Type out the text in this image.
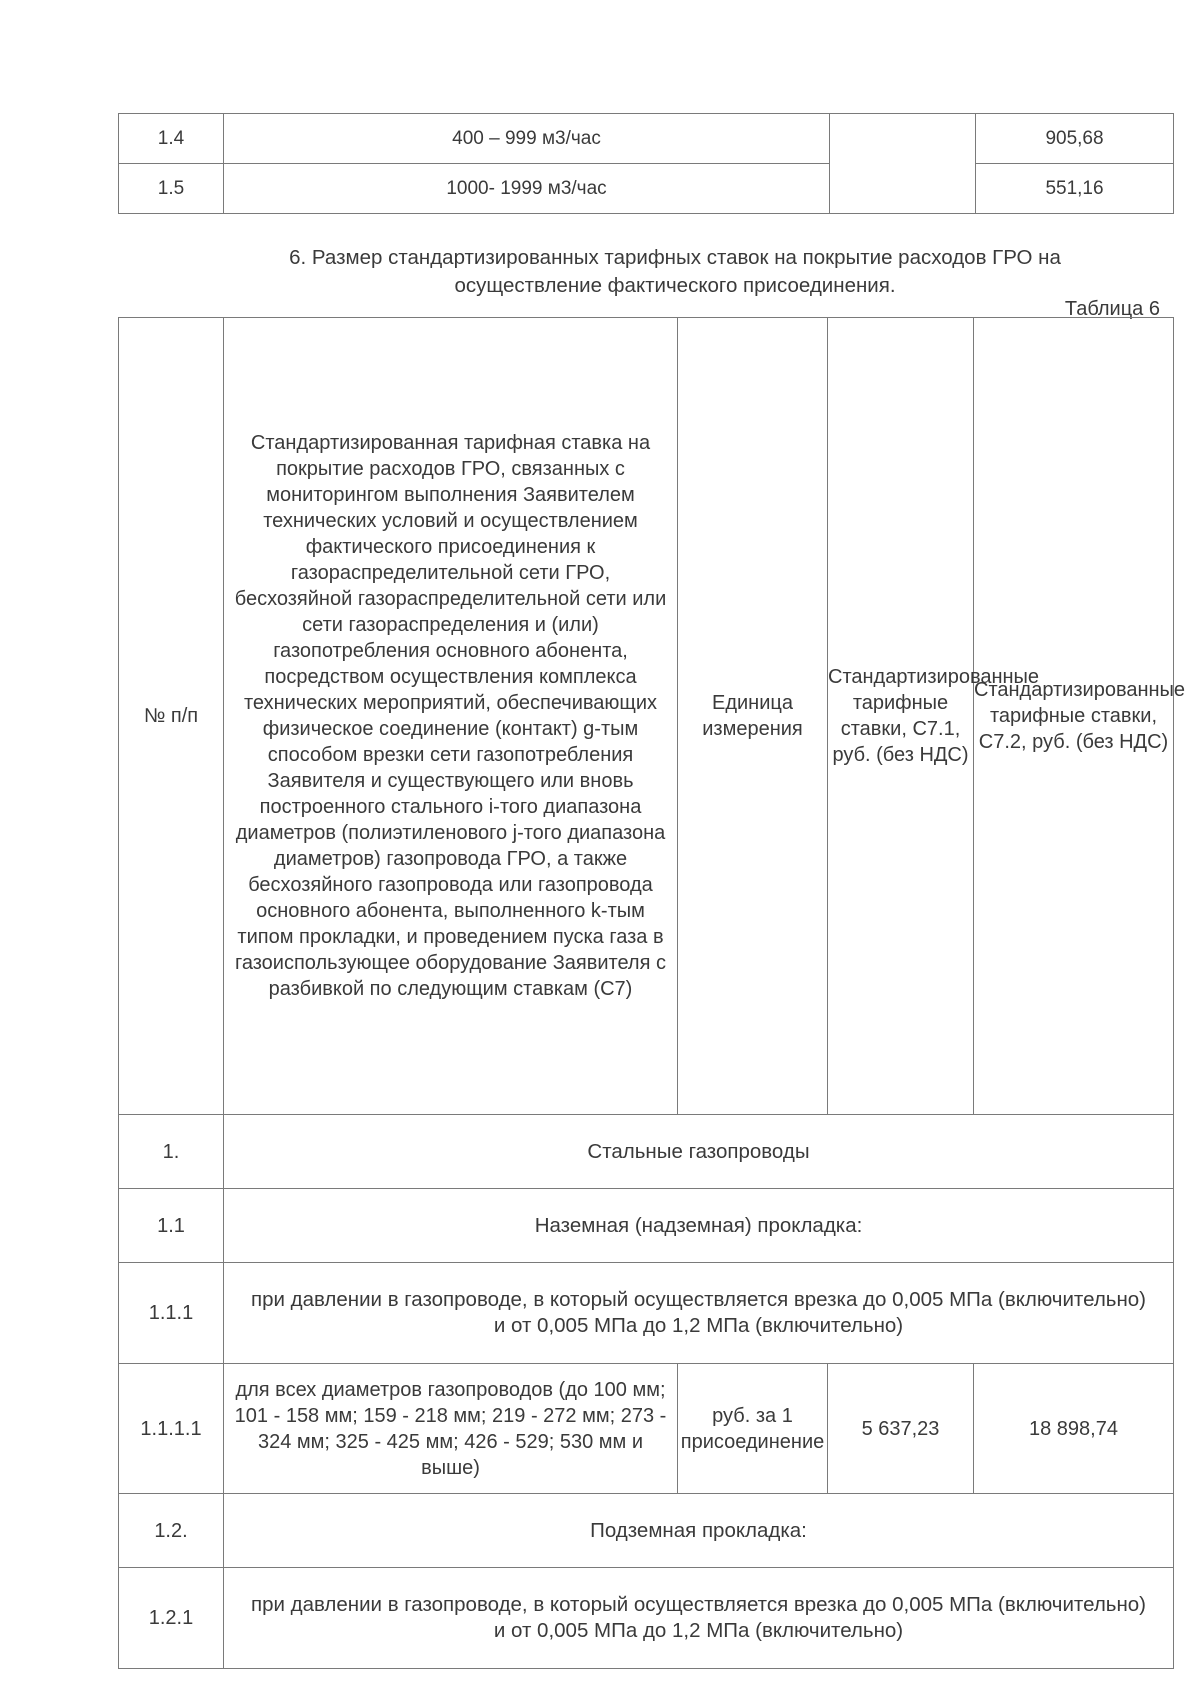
1.4	400 – 999 м3/час		905,68
1.5	1000- 1999 м3/час		551,16
6. Размер стандартизированных тарифных ставок на покрытие расходов ГРО на осуществление фактического присоединения.
Таблица 6
№ п/п	Стандартизированная тарифная ставка на покрытие расходов ГРО, связанных с мониторингом выполнения Заявителем технических условий и осуществлением фактического присоединения к газораспределительной сети ГРО, бесхозяйной газораспределительной сети или сети газораспределения и (или) газопотребления основного абонента, посредством осуществления комплекса технических мероприятий, обеспечивающих физическое соединение (контакт) g-тым способом врезки сети газопотребления Заявителя и существующего или вновь построенного стального i-того диапазона диаметров (полиэтиленового j-того диапазона диаметров) газопровода ГРО, а также бесхозяйного газопровода или газопровода основного абонента, выполненного k-тым типом прокладки, и проведением пуска газа в газоиспользующее оборудование Заявителя с разбивкой по следующим ставкам (С7)	Единица измерения	Стандартизированные тарифные ставки, С7.1, руб. (без НДС)	Стандартизированные тарифные ставки, С7.2, руб. (без НДС)
1.	Стальные газопроводы			
1.1	Наземная (надземная) прокладка:			
1.1.1	при давлении в газопроводе, в который осуществляется врезка до 0,005 МПа (включительно) и от 0,005 МПа до 1,2 МПа (включительно)			
1.1.1.1	для всех диаметров газопроводов (до 100 мм; 101 - 158 мм; 159 - 218 мм; 219 - 272 мм; 273 - 324 мм; 325 - 425 мм; 426 - 529; 530 мм и выше)	руб. за 1 присоединение	5 637,23	18 898,74
1.2.	Подземная прокладка:			
1.2.1	при давлении в газопроводе, в который осуществляется врезка до 0,005 МПа (включительно) и от 0,005 МПа до 1,2 МПа (включительно)			
